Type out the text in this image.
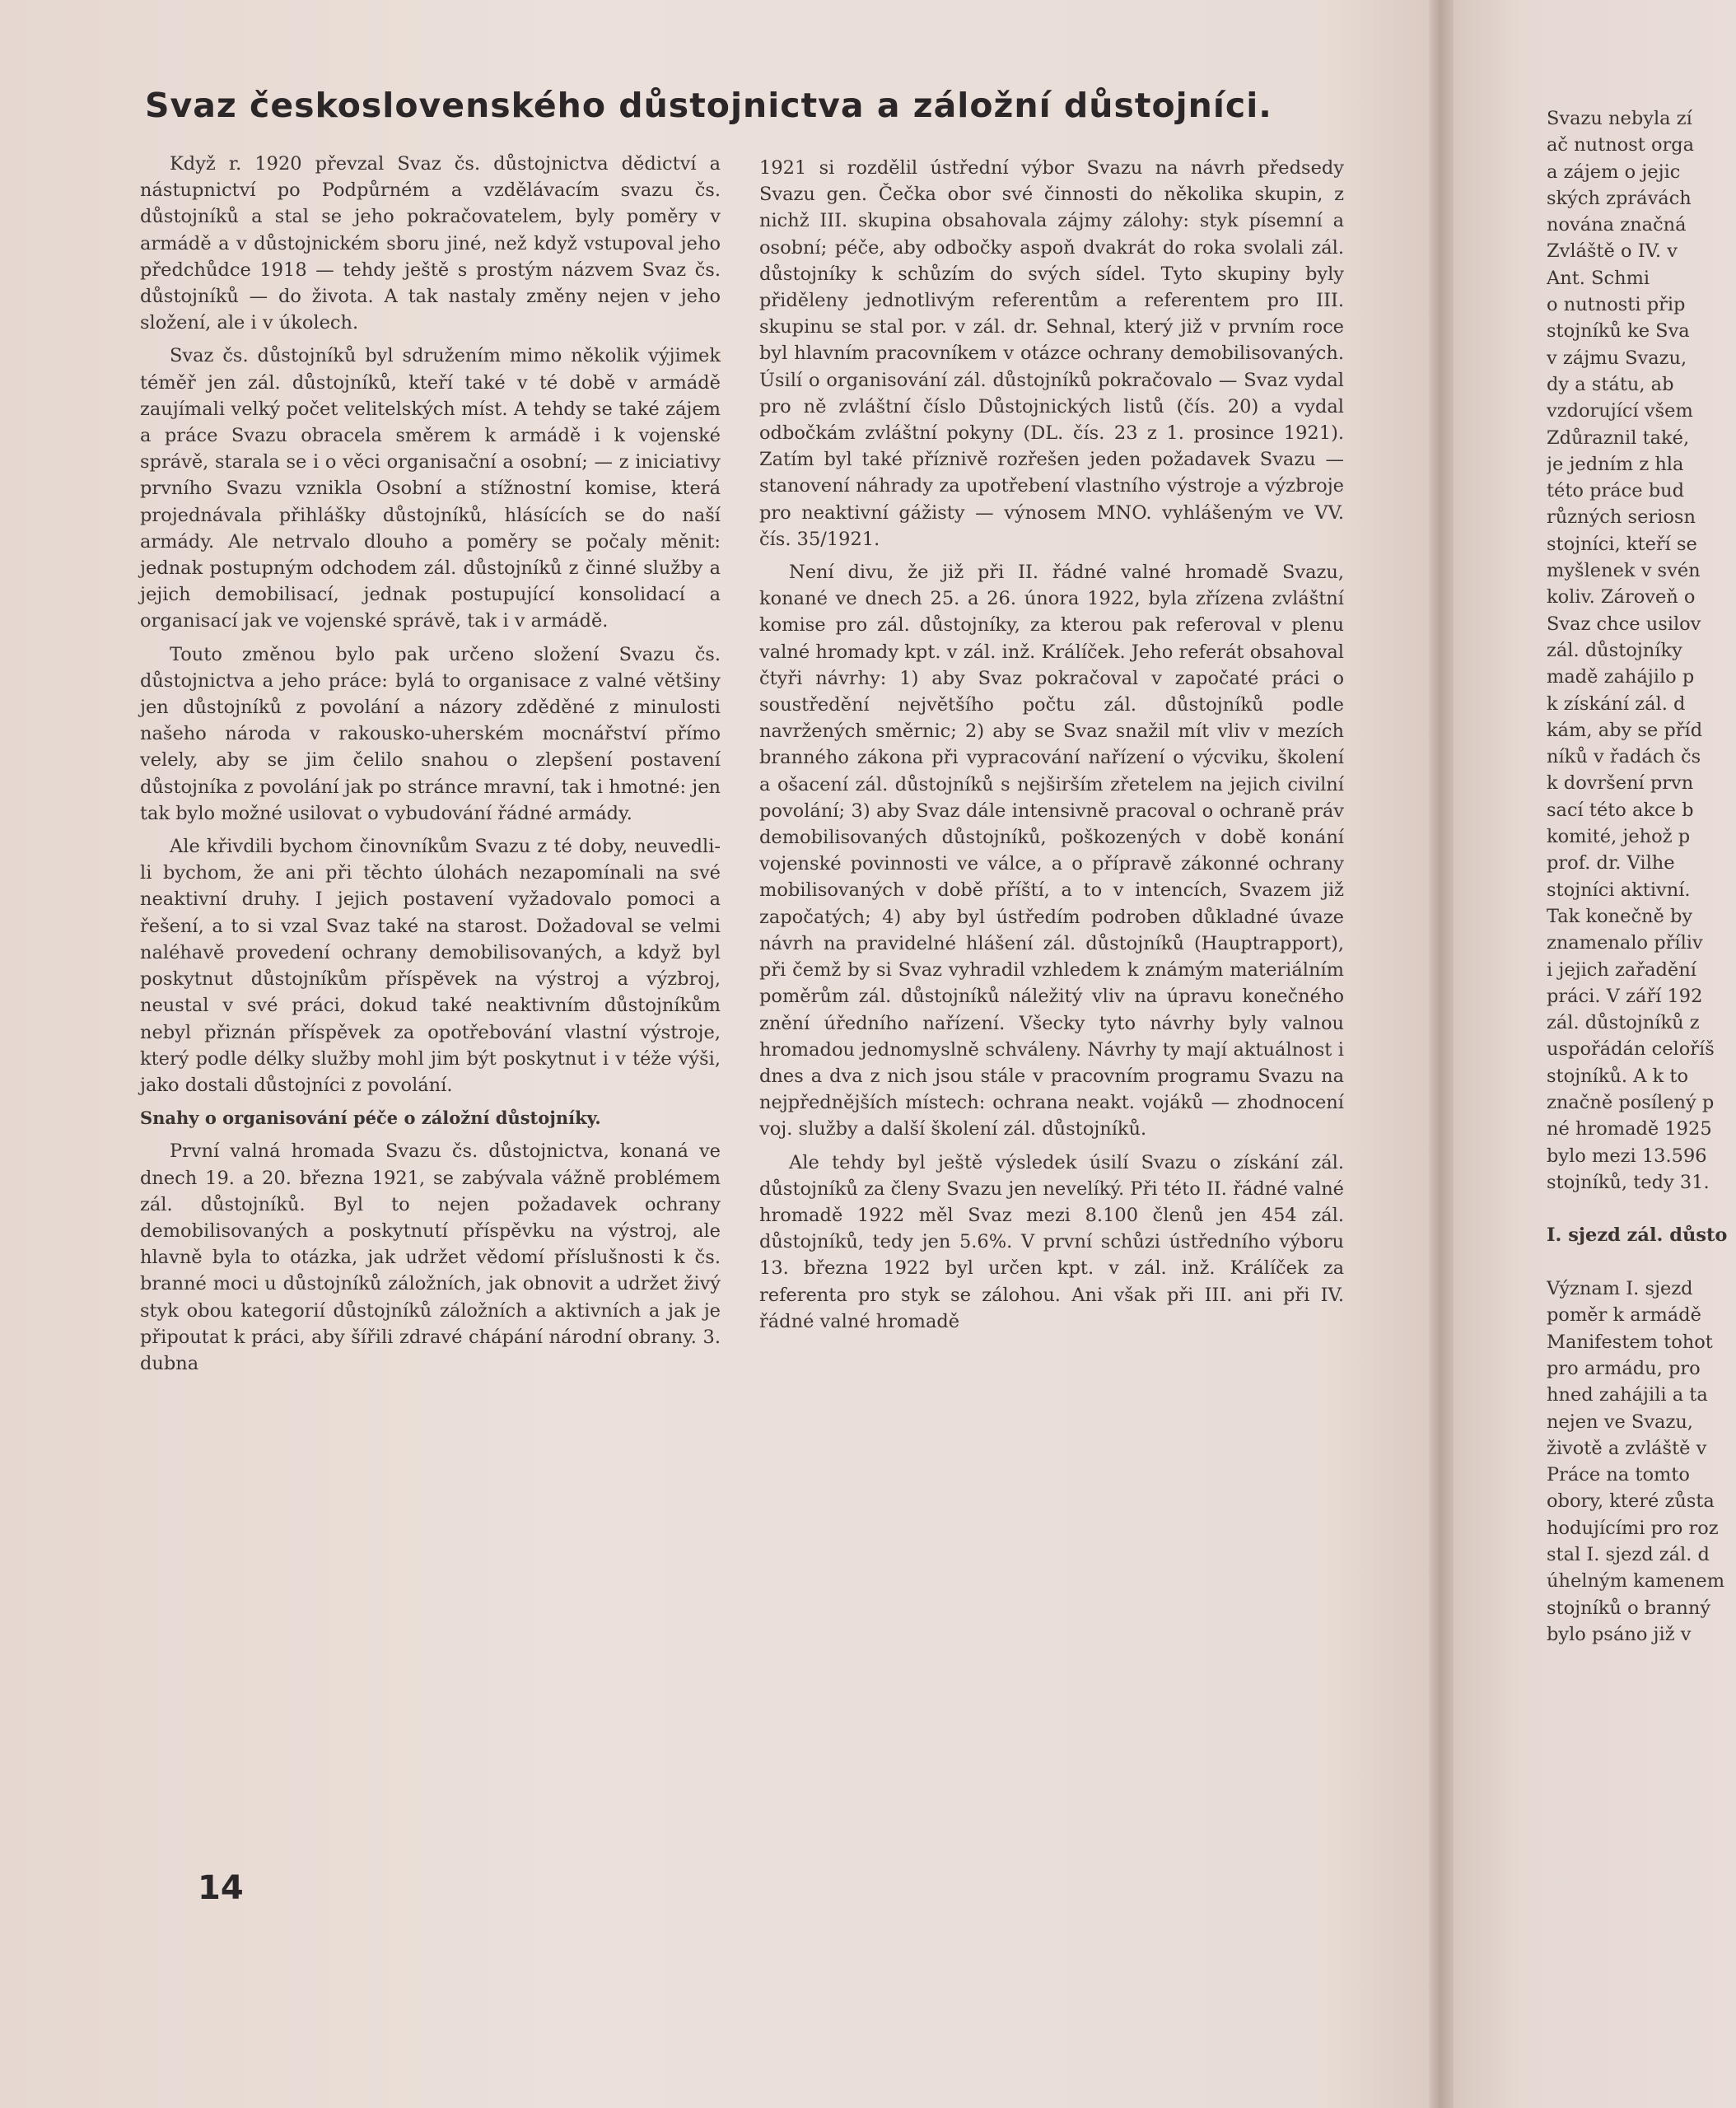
Svaz československého důstojnictva a záložní důstojníci.

Když r. 1920 převzal Svaz čs. důstojnictva dědictví a nástupnictví po Podpůrném a vzdělávacím svazu čs. důstojníků a stal se jeho pokračovatelem, byly poměry v armádě a v důstojnickém sboru jiné, než když vstupoval jeho předchůdce 1918 — tehdy ještě s prostým názvem Svaz čs. důstojníků — do života. A tak nastaly změny nejen v jeho složení, ale i v úkolech.

Svaz čs. důstojníků byl sdružením mimo několik výjimek téměř jen zál. důstojníků, kteří také v té době v armádě zaujímali velký počet velitelských míst. A tehdy se také zájem a práce Svazu obracela směrem k armádě i k vojenské správě, starala se i o věci organisační a osobní; — z iniciativy prvního Svazu vznikla Osobní a stížnostní komise, která projednávala přihlášky důstojníků, hlásících se do naší armády. Ale netrvalo dlouho a poměry se počaly měnit: jednak postupným odchodem zál. důstojníků z činné služby a jejich demobilisací, jednak postupující konsolidací a organisací jak ve vojenské správě, tak i v armádě.

Touto změnou bylo pak určeno složení Svazu čs. důstojnictva a jeho práce: bylá to organisace z valné většiny jen důstojníků z povolání a názory zděděné z minulosti našeho národa v rakousko-uherském mocnářství přímo velely, aby se jim čelilo snahou o zlepšení postavení důstojníka z povolání jak po stránce mravní, tak i hmotné: jen tak bylo možné usilovat o vybudování řádné armády.

Ale křivdili bychom činovníkům Svazu z té doby, neuvedli-li bychom, že ani při těchto úlohách nezapomínali na své neaktivní druhy. I jejich postavení vyžadovalo pomoci a řešení, a to si vzal Svaz také na starost. Dožadoval se velmi naléhavě provedení ochrany demobilisovaných, a když byl poskytnut důstojníkům příspěvek na výstroj a výzbroj, neustal v své práci, dokud také neaktivním důstojníkům nebyl přiznán příspěvek za opotřebování vlastní výstroje, který podle délky služby mohl jim být poskytnut i v téže výši, jako dostali důstojníci z povolání.

Snahy o organisování péče o záložní důstojníky.

První valná hromada Svazu čs. důstojnictva, konaná ve dnech 19. a 20. března 1921, se zabývala vážně problémem zál. důstojníků. Byl to nejen požadavek ochrany demobilisovaných a poskytnutí příspěvku na výstroj, ale hlavně byla to otázka, jak udržet vědomí příslušnosti k čs. branné moci u důstojníků záložních, jak obnovit a udržet živý styk obou kategorií důstojníků záložních a aktivních a jak je připoutat k práci, aby šířili zdravé chápání národní obrany. 3. dubna

1921 si rozdělil ústřední výbor Svazu na návrh předsedy Svazu gen. Čečka obor své činnosti do několika skupin, z nichž III. skupina obsahovala zájmy zálohy: styk písemní a osobní; péče, aby odbočky aspoň dvakrát do roka svolali zál. důstojníky k schůzím do svých sídel. Tyto skupiny byly přiděleny jednotlivým referentům a referentem pro III. skupinu se stal por. v zál. dr. Sehnal, který již v prvním roce byl hlavním pracovníkem v otázce ochrany demobilisovaných. Úsilí o organisování zál. důstojníků pokračovalo — Svaz vydal pro ně zvláštní číslo Důstojnických listů (čís. 20) a vydal odbočkám zvláštní pokyny (DL. čís. 23 z 1. prosince 1921). Zatím byl také příznivě rozřešen jeden požadavek Svazu — stanovení náhrady za upotřebení vlastního výstroje a výzbroje pro neaktivní gážisty — výnosem MNO. vyhlášeným ve VV. čís. 35/1921.

Není divu, že již při II. řádné valné hromadě Svazu, konané ve dnech 25. a 26. února 1922, byla zřízena zvláštní komise pro zál. důstojníky, za kterou pak referoval v plenu valné hromady kpt. v zál. inž. Králíček. Jeho referát obsahoval čtyři návrhy: 1) aby Svaz pokračoval v započaté práci o soustředění největšího počtu zál. důstojníků podle navržených směrnic; 2) aby se Svaz snažil mít vliv v mezích branného zákona při vypracování nařízení o výcviku, školení a ošacení zál. důstojníků s nejširším zřetelem na jejich civilní povolání; 3) aby Svaz dále intensivně pracoval o ochraně práv demobilisovaných důstojníků, poškozených v době konání vojenské povinnosti ve válce, a o přípravě zákonné ochrany mobilisovaných v době příští, a to v intencích, Svazem již započatých; 4) aby byl ústředím podroben důkladné úvaze návrh na pravidelné hlášení zál. důstojníků (Hauptrapport), při čemž by si Svaz vyhradil vzhledem k známým materiálním poměrům zál. důstojníků náležitý vliv na úpravu konečného znění úředního nařízení. Všecky tyto návrhy byly valnou hromadou jednomyslně schváleny. Návrhy ty mají aktuálnost i dnes a dva z nich jsou stále v pracovním programu Svazu na nejpřednějších místech: ochrana neakt. vojáků — zhodnocení voj. služby a další školení zál. důstojníků.

Ale tehdy byl ještě výsledek úsilí Svazu o získání zál. důstojníků za členy Svazu jen nevelíký. Při této II. řádné valné hromadě 1922 měl Svaz mezi 8.100 členů jen 454 zál. důstojníků, tedy jen 5.6%. V první schůzi ústředního výboru 13. března 1922 byl určen kpt. v zál. inž. Králíček za referenta pro styk se zálohou. Ani však při III. ani při IV. řádné valné hromadě

Svazu nebyla zí
ač nutnost orga
a zájem o jejic
ských zprávách
nována značná
Zvláště o IV. v
Ant. Schmi
o nutnosti přip
stojníků ke Sva
v zájmu Svazu,
dy a státu, ab
vzdorující všem
Zdůraznil také,
je jedním z hla
této práce bud
různých seriosn
stojníci, kteří se
myšlenek v svén
koliv. Zároveň o
Svaz chce usilov
zál. důstojníky
madě zahájilo p
k získání zál. d
kám, aby se příd
níků v řadách čs
k dovršení prvn
sací této akce b
komité, jehož p
prof. dr. Vilhe
stojníci aktivní.
Tak konečně by
znamenalo příliv
i jejich zařadění
práci. V září 192
zál. důstojníků z
uspořádán celoříš
stojníků. A k to
značně posílený p
né hromadě 1925
bylo mezi 13.596
stojníků, tedy 31.
I. sjezd zál. důsto
Význam I. sjezd
poměr k armádě
Manifestem tohot
pro armádu, pro
hned zahájili a ta
nejen ve Svazu,
životě a zvláště v
Práce na tomto
obory, které zůsta
hodujícími pro roz
stal I. sjezd zál. d
úhelným kamenem
stojníků o branný
bylo psáno již v
14
